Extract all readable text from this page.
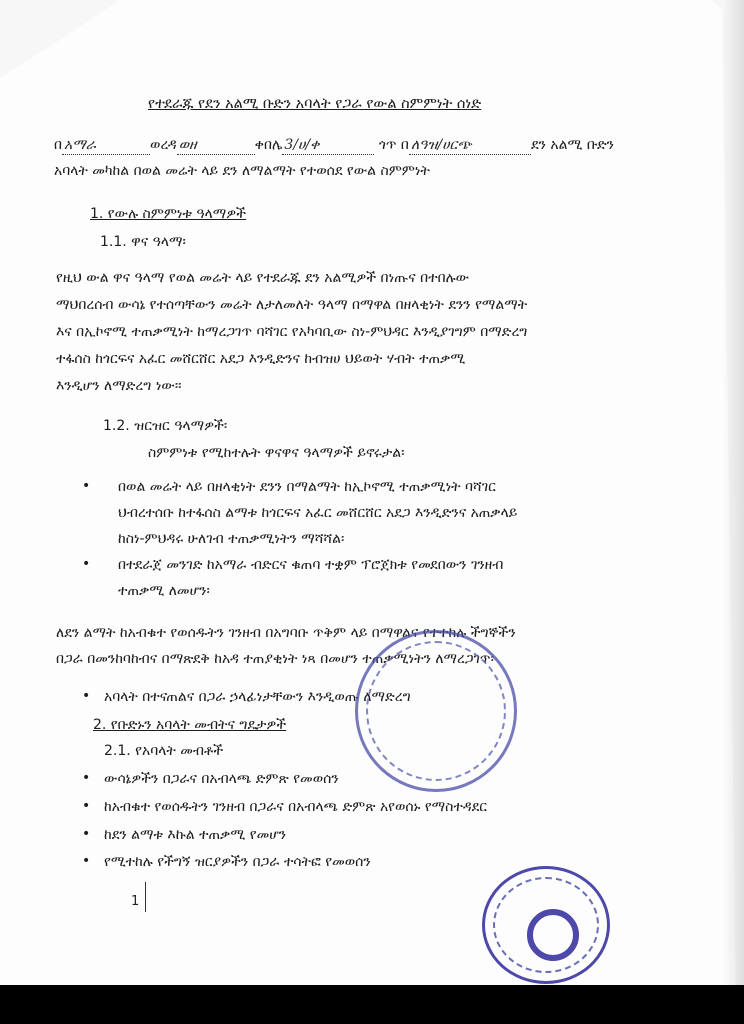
የተደራጁ የደን አልሚ ቡድን አባላት የጋራ የውል ስምምነት ሰነድ
በ አማራ	ወረዳ ወዘ	ቀበሌ 3/ሀ/ቀ	ጎጥ በ ለዓዝ/ሀርጭ	ደን አልሚ ቡድን
አባላት መካከል በወል መሬት ላይ ደን ለማልማት የተወሰደ የውል ስምምነት
1. የውሉ ስምምነቱ ዓላማዎች
1.1. ዋና ዓላማ፡
የዚህ ውል ዋና ዓላማ የወል መሬት ላይ የተደራጁ ደን አልሚዎች በነጡና በተበሉው
ማህበረሰብ ውሳኔ የተሰጣቸውን መሬት ለታለመለት ዓላማ በማዋል በዘላቂነት ደንን የማልማት
እና በኢኮኖሚ ተጠቃሚነት ከማረጋገጥ ባሻገር የአካባቢው ስነ-ምህዳር እንዲያገግም በማድረግ
ተፋሰስ ከጎርፍና አፈር መሸርሸር አደጋ እንዲድንና ከብዝሀ ህይወት ሃብት ተጠቃሚ
እንዲሆን ለማድረግ ነው፡፡
1.2. ዝርዝር ዓላማዎች፡
ስምምነቱ የሚከተሉት ዋናዋና ዓላማዎች ይኖሩታል፡
• በወል መሬት ላይ በዘላቂነት ደንን በማልማት ከኢኮኖሚ ተጠቃሚነት ባሻገር
ህብረተሰቡ ከተፋሰስ ልማቱ ከጎርፍና አፈር መሸርሸር አደጋ እንዲድንና አጠቃላይ
ከስነ-ምህዳሩ ሁለገብ ተጠቃሚነትን ማሻሻል፡
• በተደራጀ መንገድ ከአማራ ብድርና ቁጠባ ተቋም ፕሮጀክቱ የመደበውን ገንዘብ
ተጠቃሚ ለመሆን፡
ለደን ልማት ከአብቁተ የወሰዱትን ገንዘብ በአግባቡ ጥቅም ላይ በማዋልና የተተከሉ ችግኞችን
በጋራ በመንከባከብና በማጽደቅ ከአዳ ተጠያቂነት ነጻ በመሆን ተጠቃሚነትን ለማረጋገጥ፡
• አባላት በተናጠልና በጋራ ኃላፊነታቸውን እንዲወጡ ለማድረግ
2. የቡድኑን አባላት መብትና ግዴታዎች
2.1. የአባላት መብቶች
• ውሳኔዎችን በጋራና በአብላጫ ድምጽ የመወሰን
• ከአብቁተ የወሰዱትን ገንዘብ በጋራና በአብላጫ ድምጽ አየወሰኑ የማስተዳደር
• ከደን ልማቱ እኩል ተጠቃሚ የመሆን
• የሚተከሉ የችግኝ ዝርያዎችን በጋራ ተሳትፎ የመወሰን
1
